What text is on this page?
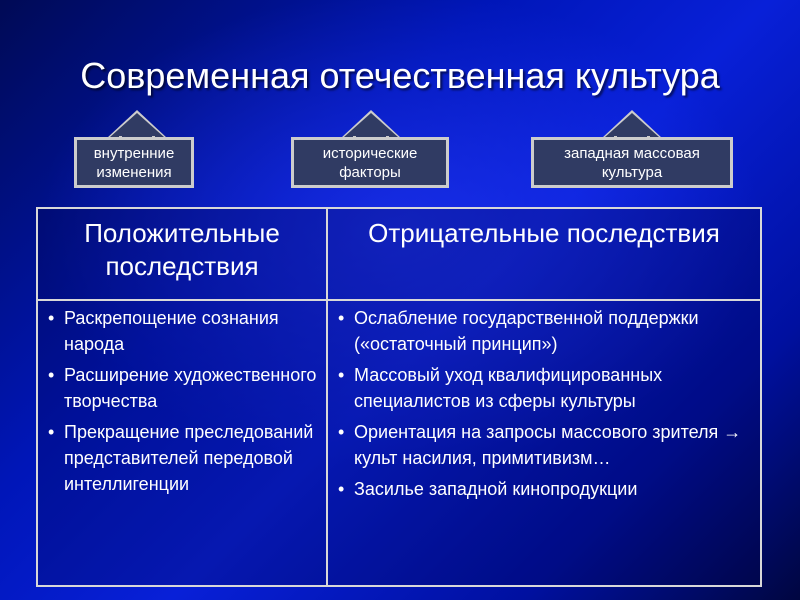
Современная отечественная культура
внутренние изменения
исторические факторы
западная массовая культура
Положительные последствия
Отрицательные последствия
• Раскрепощение сознания народа
• Расширение художественного творчества
• Прекращение преследований представителей передовой интеллигенции
• Ослабление государственной поддержки («остаточный принцип»)
• Массовый уход квалифицированных специалистов из сферы культуры
• Ориентация на запросы массового зрителя → культ насилия, примитивизм…
• Засилье западной кинопродукции
